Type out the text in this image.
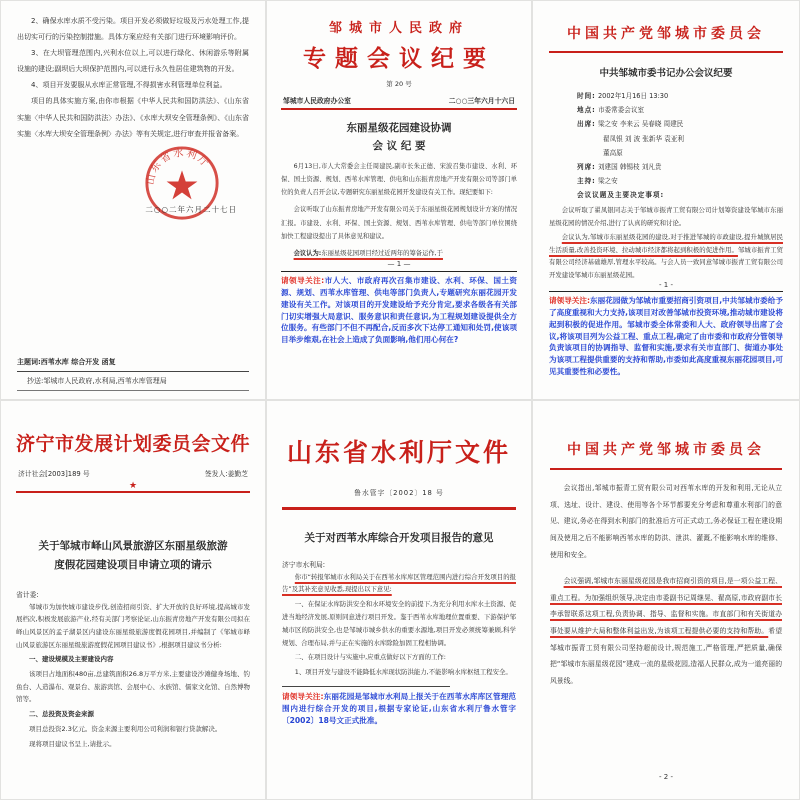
2、确保水库水质不受污染。项目开发必须做好垃圾及污水处理工作,提出切实可行的污染控制措施。具体方案应经有关部门进行环境影响评价。

3、在大坝管理范围内,兴利水位以上,可以进行绿化、休闲游乐等附属设施的建设;副坝后大坝保护范围内,可以进行永久性居住建筑物的开发。

4、项目开发要服从水库正常管理,不得损害水利管理单位利益。

项目的具体实施方案,由你市根据《中华人民共和国防洪法》、《山东省实施〈中华人民共和国防洪法〉办法》、《水库大坝安全管理条例》、《山东省实施〈水库大坝安全管理条例〉办法》等有关规定,进行审查并报省备案。

山东省水利厅
二○○二年六月二十七日
主题词:西苇水库 综合开发 函复
抄送:邹城市人民政府,水利局,西苇水库管理局
邹城市人民政府
专题会议纪要
第 20 号
邹城市人民政府办公室	二○○三年六月十六日
东丽星级花园建设协调
会 议 纪 要

6月13日,市人大常委会主任周建民,副市长朱正德、宋波召集市建设、水利、环保、国土资源、规划、西苇水库管理、供电和山东振青房地产开发有限公司等部门单位的负责人召开会议,专题研究东丽星级花园开发建设有关工作。现纪要如下:

会议听取了山东振青房地产开发有限公司关于东丽星级花园规划设计方案的情况汇报。市建设、水利、环保、国土资源、规划、西苇水库管理、供电等部门单位围绕加快工程建设提出了具体意见和建议。

会议认为:东丽星级花园项目经过近两年的筹备运作,于

— 1 —
请领导关注:市人大、市政府再次召集市建设、水利、环保、国土资源、规划、西苇水库管理、供电等部门负责人,专题研究东丽花园开发建设有关工作。对该项目的开发建设给予充分肯定,要求各级各有关部门切实增强大局意识、服务意识和责任意识,为工程规划建设提供全方位服务。有些部门不但不再配合,反而多次下达停工通知和处罚,使该项目举步维艰,在社会上造成了负面影响,他们用心何在?
中国共产党邹城市委员会
中共邹城市委书记办公会议纪要
时间: 2002年1月16日 13:30
地点: 市委常委会议室
出席: 梁之安 李来云 吴春晓 周建民
翟凤银 刘 波 张新华 袁亚利
董高原
列席: 刘建国 韩锡枝 刘凡贵
主持: 梁之安
会议议题及主要决定事项:

会议听取了翟凤银同志关于邹城市振青工贸有限公司计划筹资建设邹城市东丽星级花园的情况介绍,进行了认真的研究和讨论。

会议认为,邹城市东丽星级花园的建设,对于推进邹城的市政建设,提升城镇居民生活质量,改善投资环境、拉动城市经济都将起到积极的促进作用。邹城市振青工贸有限公司经济基础雄厚,管理水平较高。与会人员一致同意邹城市振青工贸有限公司开发建设邹城市东丽星级花园。

- 1 -
请领导关注:东丽花园做为邹城市重要招商引资项目,中共邹城市委给予了高度重视和大力支持,该项目对改善邹城市投资环境,推动城市建设将起到积极的促进作用。邹城市委全体常委和人大、政府领导出席了会议,将该项目列为公益工程、重点工程,确定了由市委和市政府分管领导负责该项目的协调指导、监督和实施,要求有关市直部门、街道办事处为该项工程提供重要的支持和帮助,市委如此高度重视东丽花园项目,可见其重要性和必要性。
济宁市发展计划委员会文件
济计社会[2003]189 号	签发人:姜勤芝
★
关于邹城市峄山风景旅游区东丽星级旅游
度假花园建设项目申请立项的请示
省计委:

邹城市为加快城市建设步伐,创造招商引资、扩大开放的良好环境,提高城市发展档次,积极发展旅游产业,经有关部门考察论证,山东振青房地产开发有限公司拟在峄山风景区的孟子湖景区内建设东丽星级旅游度假花园项目,并编制了《邹城市峄山风景旅游区东丽星级旅游度假花园项目建议书》,根据项目建议书分析:

一、建设规模及主要建设内容

该项目占地面积480亩,总建筑面积26.8万平方米,主要建设沙滩健身场地、钓鱼台、人造瀑布、观景台、旅游宾馆、会展中心、水族馆、儒家文化馆、自然博物馆等。

二、总投资及资金来源

项目总投资2.3亿元。资金来源主要利用公司利润和银行贷款解决。

现将项目建议书呈上,请批示。

山东省水利厅文件
鲁水管字〔2002〕18 号
关于对西苇水库综合开发项目报告的意见
济宁市水利局:

你市“转报邹城市水利局关于在西苇水库库区管理范围内进行综合开发项目的报告”及其补充意见收悉,现提出以下意见:

一、在保证水库防洪安全和水环境安全的前提下,为充分利用水库水土资源、促进当地经济发展,原则同意进行项目开发。鉴于西苇水库地理位置重要、下游保护邹城市区的防洪安全,也是邹城市城乡供水的重要水源地,项目开发必须统筹兼顾,科学规划、合理布局,并与正在实施的水库除险加固工程相协调。

二、在项目设计与实施中,应重点做好以下方面的工作:

1、项目开发与建设不能降低水库现状防洪能力,不能影响水库枢纽工程安全。

请领导关注:东丽花园是邹城市水利局上报关于在西苇水库库区管理范围内进行综合开发的项目,根据专家论证,山东省水利厅鲁水管字〔2002〕18号文正式批准。
中国共产党邹城市委员会

会议指出,邹城市振青工贸有限公司对西苇水库的开发和利用,无论从立项、选址、设计、建设、使用等各个环节都要充分考虑和尊重水利部门的意见、建议,务必在得到水利部门的批准后方可正式动工,务必保证工程在建设期间及使用之后不能影响西苇水库的防洪、泄洪、灌溉,不能影响水库的维修、使用和安全。

会议强调,邹城市东丽星级花园是我市招商引资的项目,是一项公益工程、重点工程。为加强组织领导,决定由市委副书记周继晃、翟高原,市政府副市长李承智联系这项工程,负责协调、指导、监督和实施。市直部门和有关街道办事处要从维护大局和整体利益出发,为该项工程提供必要的支持和帮助。希望邹城市振青工贸有限公司坚持超前设计,规范施工,严格管理,严把质量,确保把“邹城市东丽星级花园”建成一流的星级花园,造福人民群众,成为一道亮丽的风景线。

- 2 -
